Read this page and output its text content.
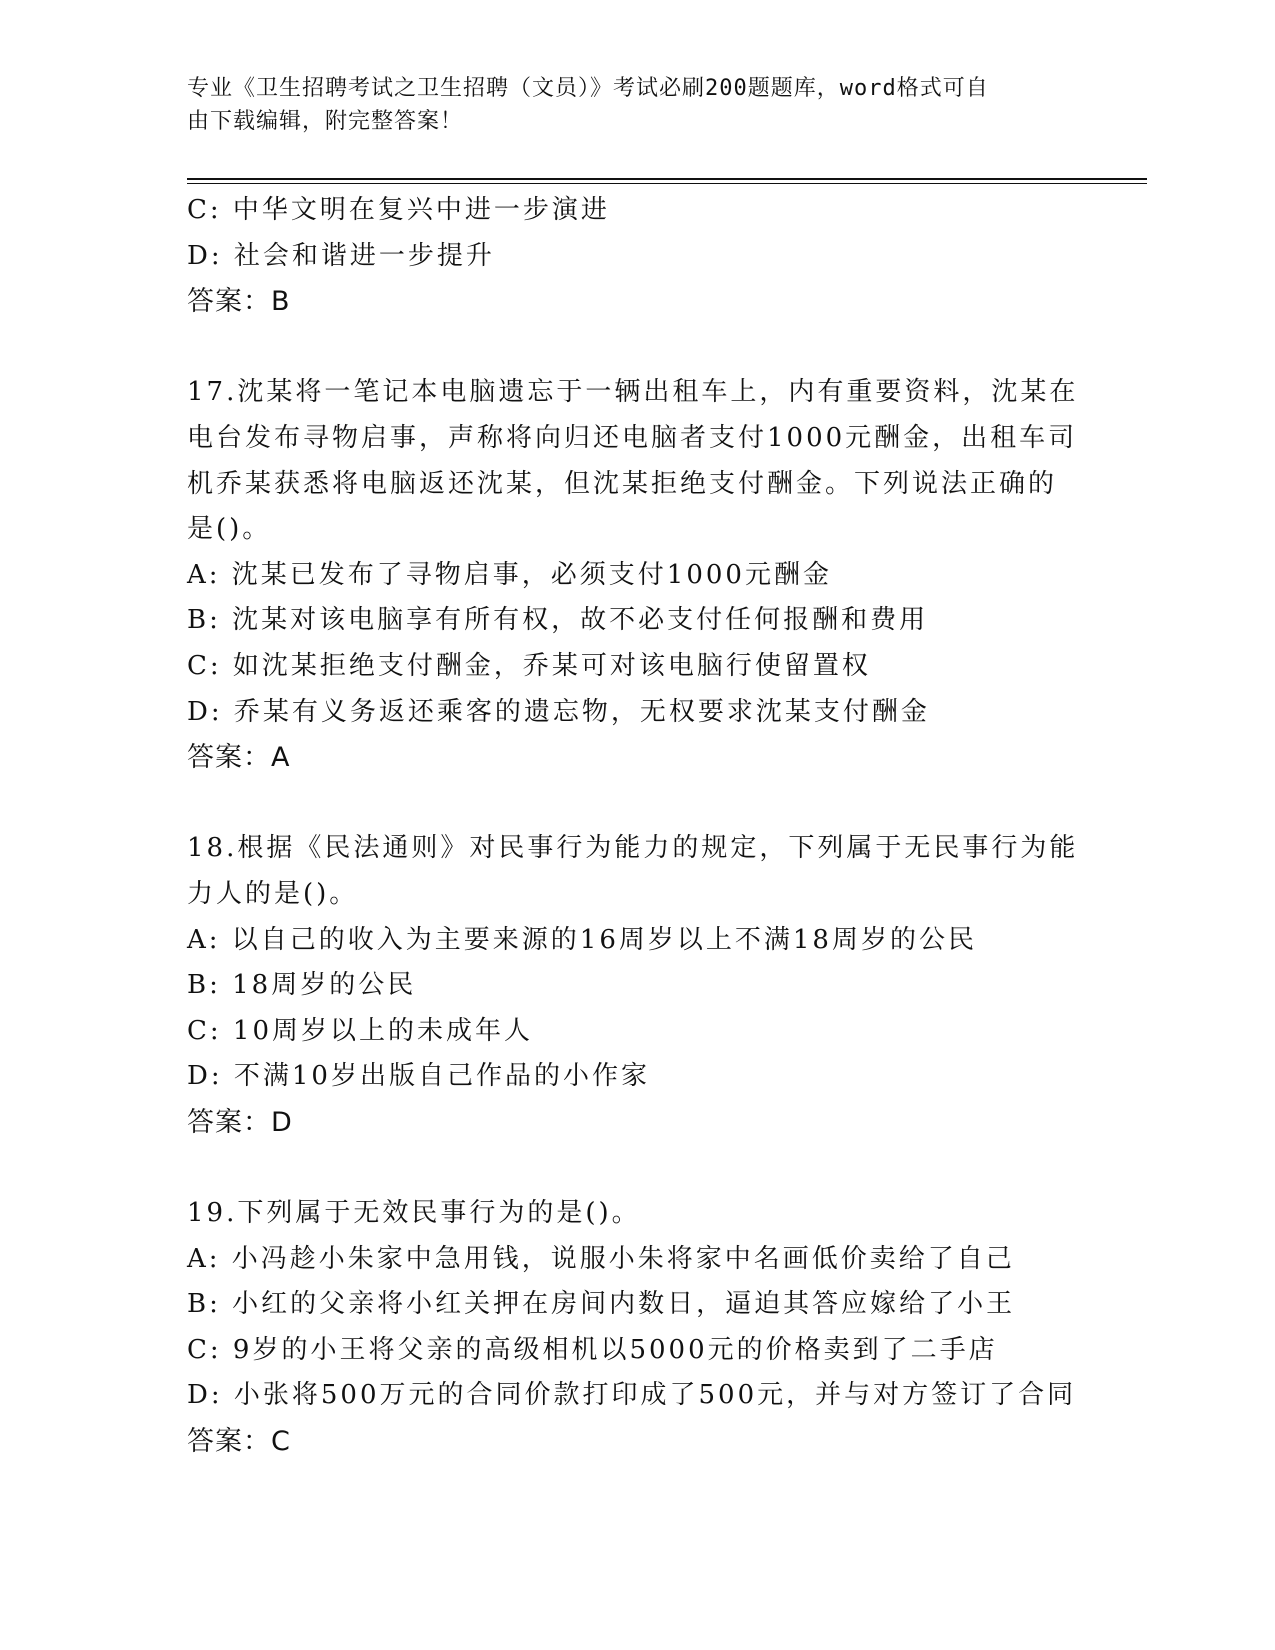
专业《卫生招聘考试之卫生招聘（文员）》考试必刷200题题库，word格式可自
由下载编辑，附完整答案！
C: 中华文明在复兴中进一步演进
D: 社会和谐进一步提升
答案：B
17.沈某将一笔记本电脑遗忘于一辆出租车上，内有重要资料，沈某在
电台发布寻物启事，声称将向归还电脑者支付1000元酬金，出租车司
机乔某获悉将电脑返还沈某，但沈某拒绝支付酬金。下列说法正确的
是()。
A: 沈某已发布了寻物启事，必须支付1000元酬金
B: 沈某对该电脑享有所有权，故不必支付任何报酬和费用
C: 如沈某拒绝支付酬金，乔某可对该电脑行使留置权
D: 乔某有义务返还乘客的遗忘物，无权要求沈某支付酬金
答案：A
18.根据《民法通则》对民事行为能力的规定，下列属于无民事行为能
力人的是()。
A: 以自己的收入为主要来源的16周岁以上不满18周岁的公民
B: 18周岁的公民
C: 10周岁以上的未成年人
D: 不满10岁出版自己作品的小作家
答案：D
19.下列属于无效民事行为的是()。
A: 小冯趁小朱家中急用钱，说服小朱将家中名画低价卖给了自己
B: 小红的父亲将小红关押在房间内数日，逼迫其答应嫁给了小王
C: 9岁的小王将父亲的高级相机以5000元的价格卖到了二手店
D: 小张将500万元的合同价款打印成了500元，并与对方签订了合同
答案：C
